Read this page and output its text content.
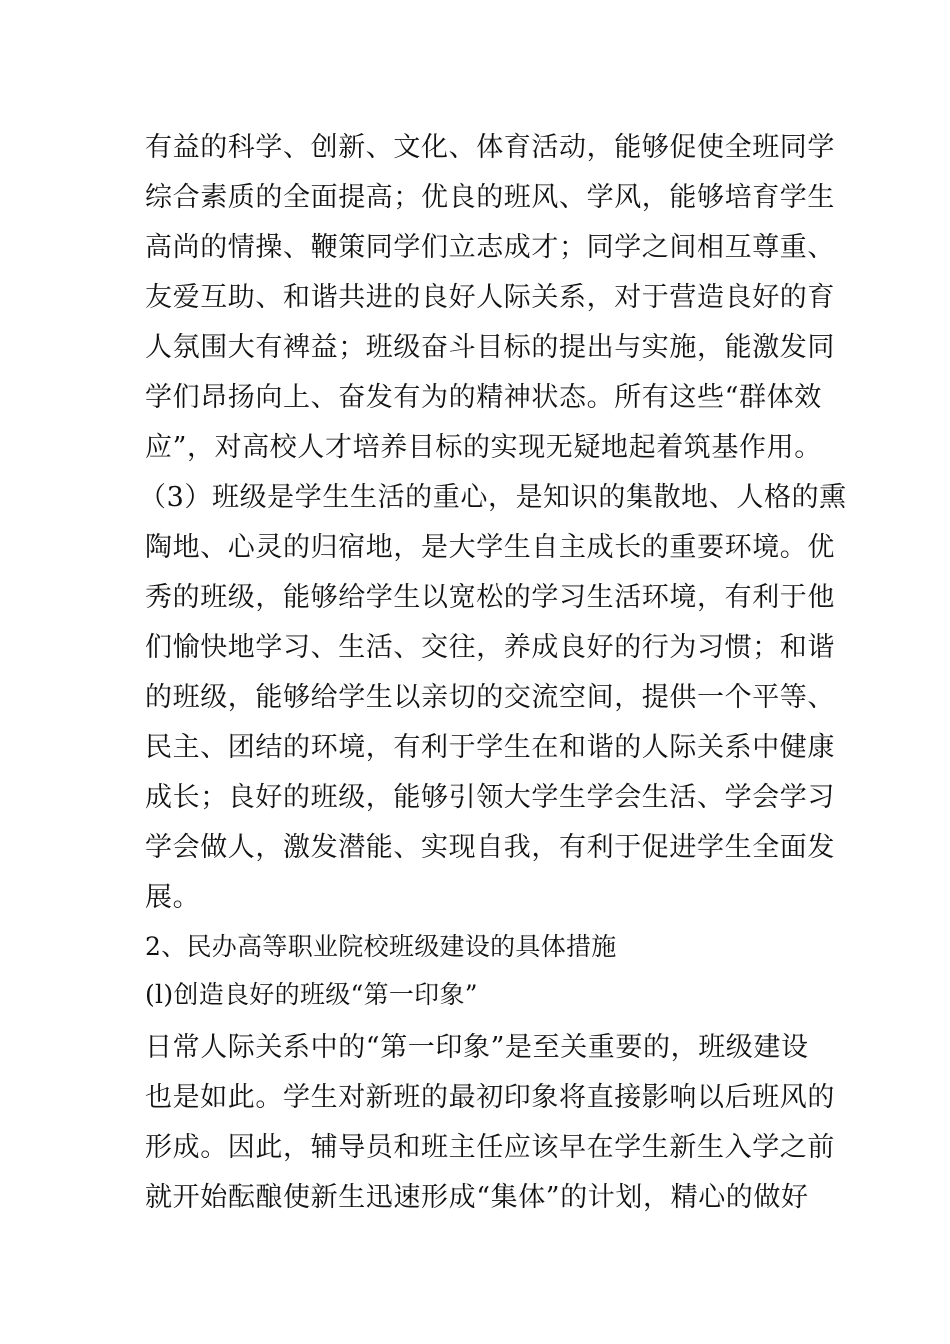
有益的科学、创新、文化、体育活动，能够促使全班同学
综合素质的全面提高；优良的班风、学风，能够培育学生
高尚的情操、鞭策同学们立志成才；同学之间相互尊重、
友爱互助、和谐共进的良好人际关系，对于营造良好的育
人氛围大有裨益；班级奋斗目标的提出与实施，能激发同
学们昂扬向上、奋发有为的精神状态。所有这些“群体效
应”，对高校人才培养目标的实现无疑地起着筑基作用。
（3）班级是学生生活的重心，是知识的集散地、人格的熏
陶地、心灵的归宿地，是大学生自主成长的重要环境。优
秀的班级，能够给学生以宽松的学习生活环境，有利于他
们愉快地学习、生活、交往，养成良好的行为习惯；和谐
的班级，能够给学生以亲切的交流空间，提供一个平等、
民主、团结的环境，有利于学生在和谐的人际关系中健康
成长；良好的班级，能够引领大学生学会生活、学会学习
学会做人，激发潜能、实现自我，有利于促进学生全面发
展。
2、民办高等职业院校班级建设的具体措施
(l)创造良好的班级“第一印象”
日常人际关系中的“第一印象”是至关重要的，班级建设
也是如此。学生对新班的最初印象将直接影响以后班风的
形成。因此，辅导员和班主任应该早在学生新生入学之前
就开始酝酿使新生迅速形成“集体”的计划，精心的做好
